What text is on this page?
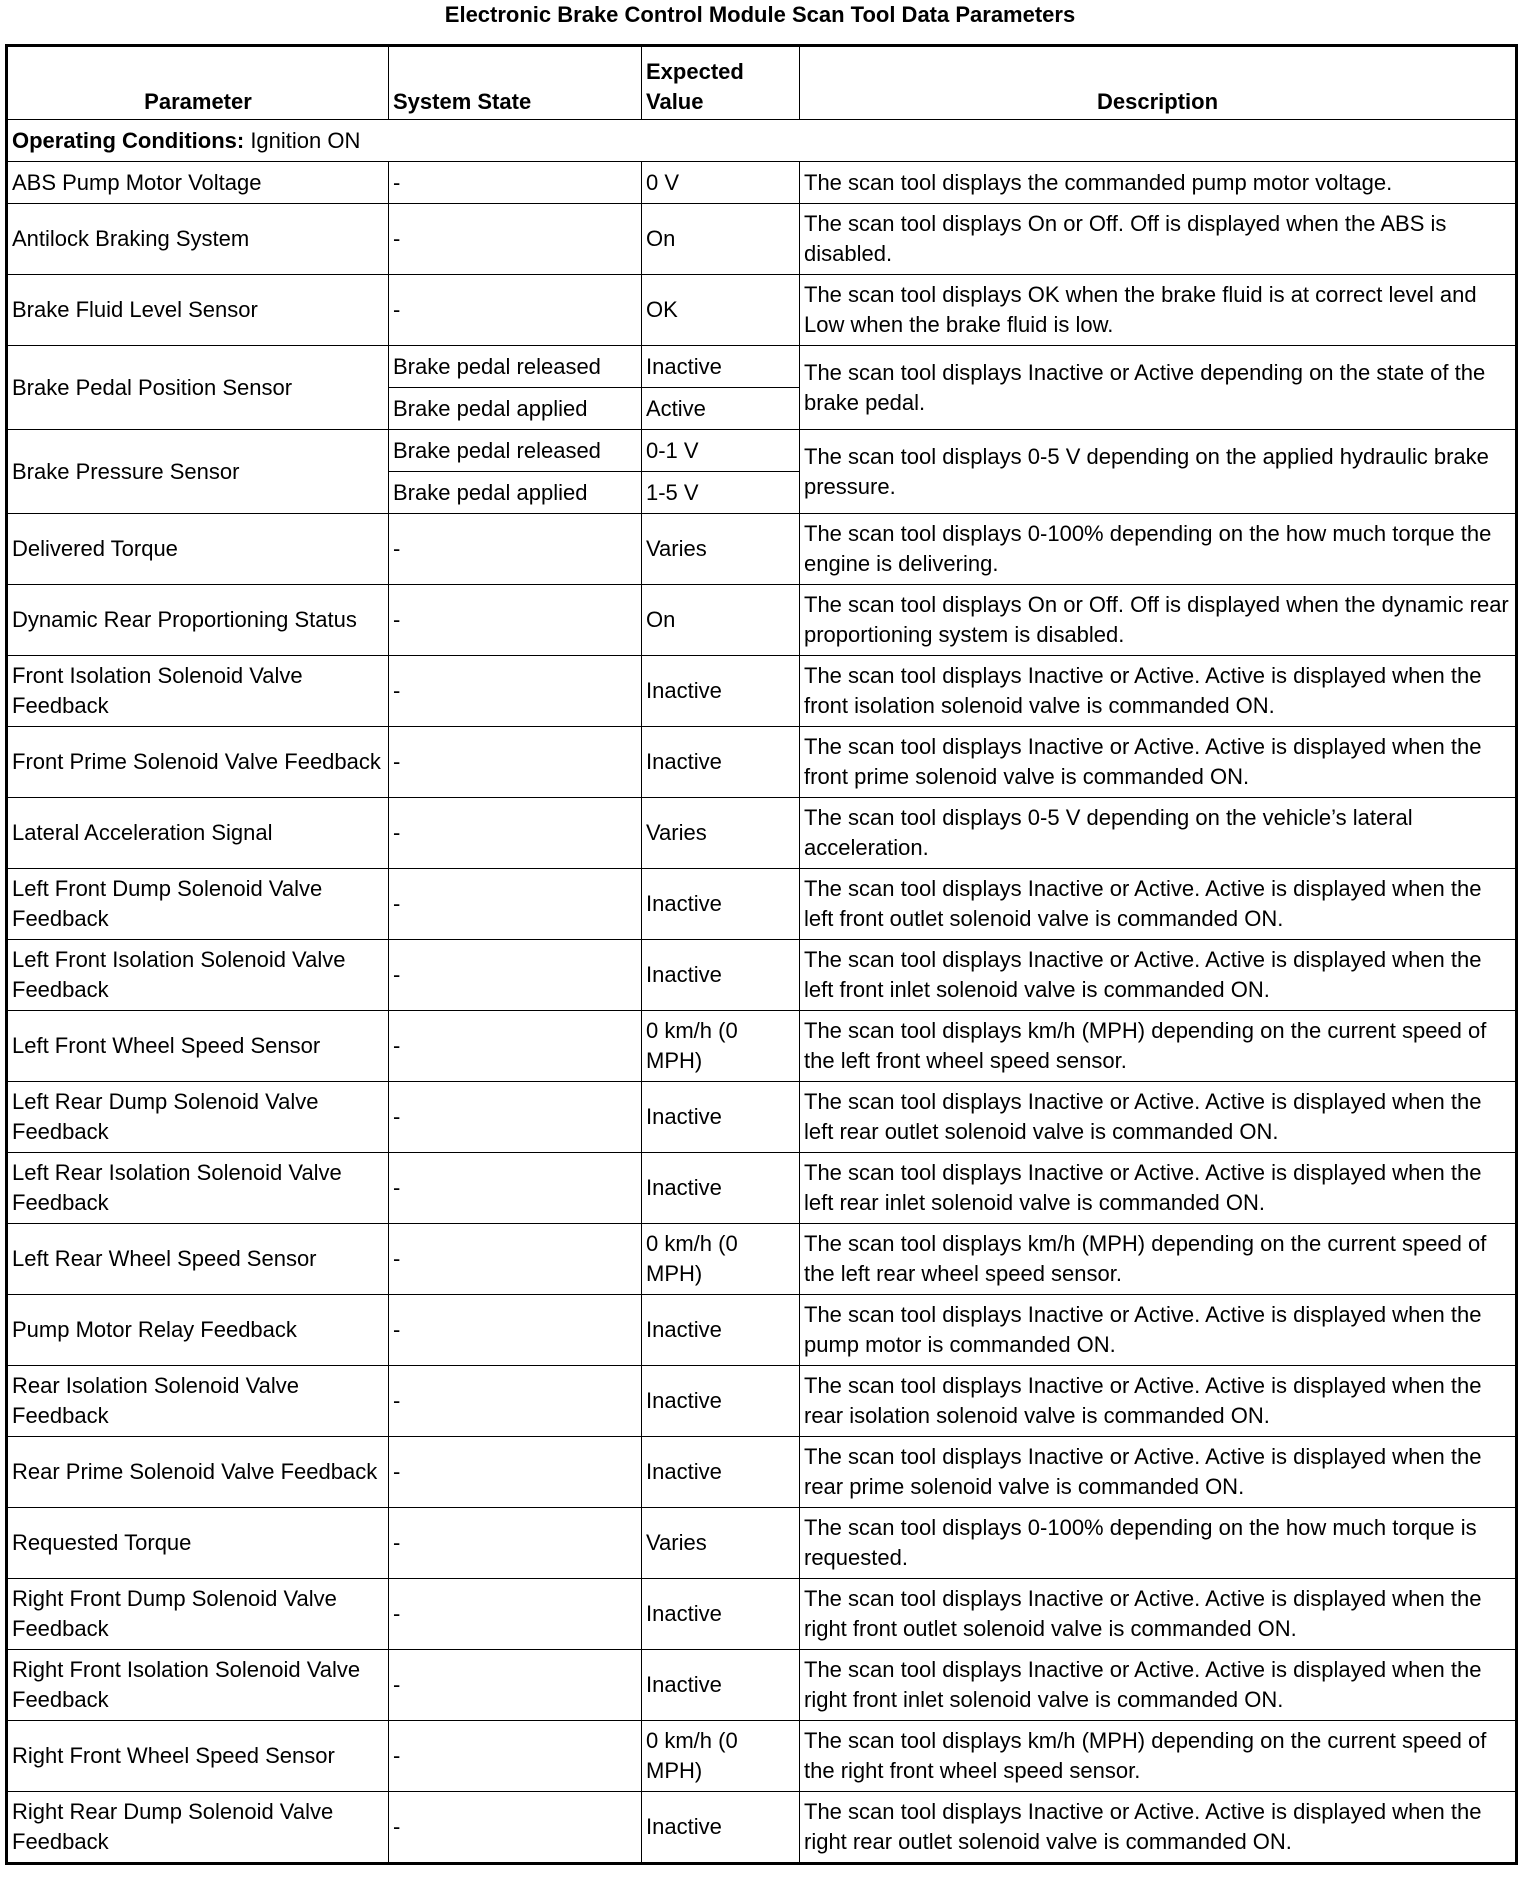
Electronic Brake Control Module Scan Tool Data Parameters
Parameter	System State	Expected Value	Description
Operating Conditions: Ignition ON			
ABS Pump Motor Voltage	-	0 V	The scan tool displays the commanded pump motor voltage.
Antilock Braking System	-	On	The scan tool displays On or Off. Off is displayed when the ABS is disabled.
Brake Fluid Level Sensor	-	OK	The scan tool displays OK when the brake fluid is at correct level and Low when the brake fluid is low.
Brake Pedal Position Sensor	Brake pedal released	Inactive	The scan tool displays Inactive or Active depending on the state of the brake pedal.
	Brake pedal applied	Active	
Brake Pressure Sensor	Brake pedal released	0-1 V	The scan tool displays 0-5 V depending on the applied hydraulic brake pressure.
	Brake pedal applied	1-5 V	
Delivered Torque	-	Varies	The scan tool displays 0-100% depending on the how much torque the engine is delivering.
Dynamic Rear Proportioning Status	-	On	The scan tool displays On or Off. Off is displayed when the dynamic rear proportioning system is disabled.
Front Isolation Solenoid Valve Feedback	-	Inactive	The scan tool displays Inactive or Active. Active is displayed when the front isolation solenoid valve is commanded ON.
Front Prime Solenoid Valve Feedback	-	Inactive	The scan tool displays Inactive or Active. Active is displayed when the front prime solenoid valve is commanded ON.
Lateral Acceleration Signal	-	Varies	The scan tool displays 0-5 V depending on the vehicle’s lateral acceleration.
Left Front Dump Solenoid Valve Feedback	-	Inactive	The scan tool displays Inactive or Active. Active is displayed when the left front outlet solenoid valve is commanded ON.
Left Front Isolation Solenoid Valve Feedback	-	Inactive	The scan tool displays Inactive or Active. Active is displayed when the left front inlet solenoid valve is commanded ON.
Left Front Wheel Speed Sensor	-	0 km/h (0 MPH)	The scan tool displays km/h (MPH) depending on the current speed of the left front wheel speed sensor.
Left Rear Dump Solenoid Valve Feedback	-	Inactive	The scan tool displays Inactive or Active. Active is displayed when the left rear outlet solenoid valve is commanded ON.
Left Rear Isolation Solenoid Valve Feedback	-	Inactive	The scan tool displays Inactive or Active. Active is displayed when the left rear inlet solenoid valve is commanded ON.
Left Rear Wheel Speed Sensor	-	0 km/h (0 MPH)	The scan tool displays km/h (MPH) depending on the current speed of the left rear wheel speed sensor.
Pump Motor Relay Feedback	-	Inactive	The scan tool displays Inactive or Active. Active is displayed when the pump motor is commanded ON.
Rear Isolation Solenoid Valve Feedback	-	Inactive	The scan tool displays Inactive or Active. Active is displayed when the rear isolation solenoid valve is commanded ON.
Rear Prime Solenoid Valve Feedback	-	Inactive	The scan tool displays Inactive or Active. Active is displayed when the rear prime solenoid valve is commanded ON.
Requested Torque	-	Varies	The scan tool displays 0-100% depending on the how much torque is requested.
Right Front Dump Solenoid Valve Feedback	-	Inactive	The scan tool displays Inactive or Active. Active is displayed when the right front outlet solenoid valve is commanded ON.
Right Front Isolation Solenoid Valve Feedback	-	Inactive	The scan tool displays Inactive or Active. Active is displayed when the right front inlet solenoid valve is commanded ON.
Right Front Wheel Speed Sensor	-	0 km/h (0 MPH)	The scan tool displays km/h (MPH) depending on the current speed of the right front wheel speed sensor.
Right Rear Dump Solenoid Valve Feedback	-	Inactive	The scan tool displays Inactive or Active. Active is displayed when the right rear outlet solenoid valve is commanded ON.
